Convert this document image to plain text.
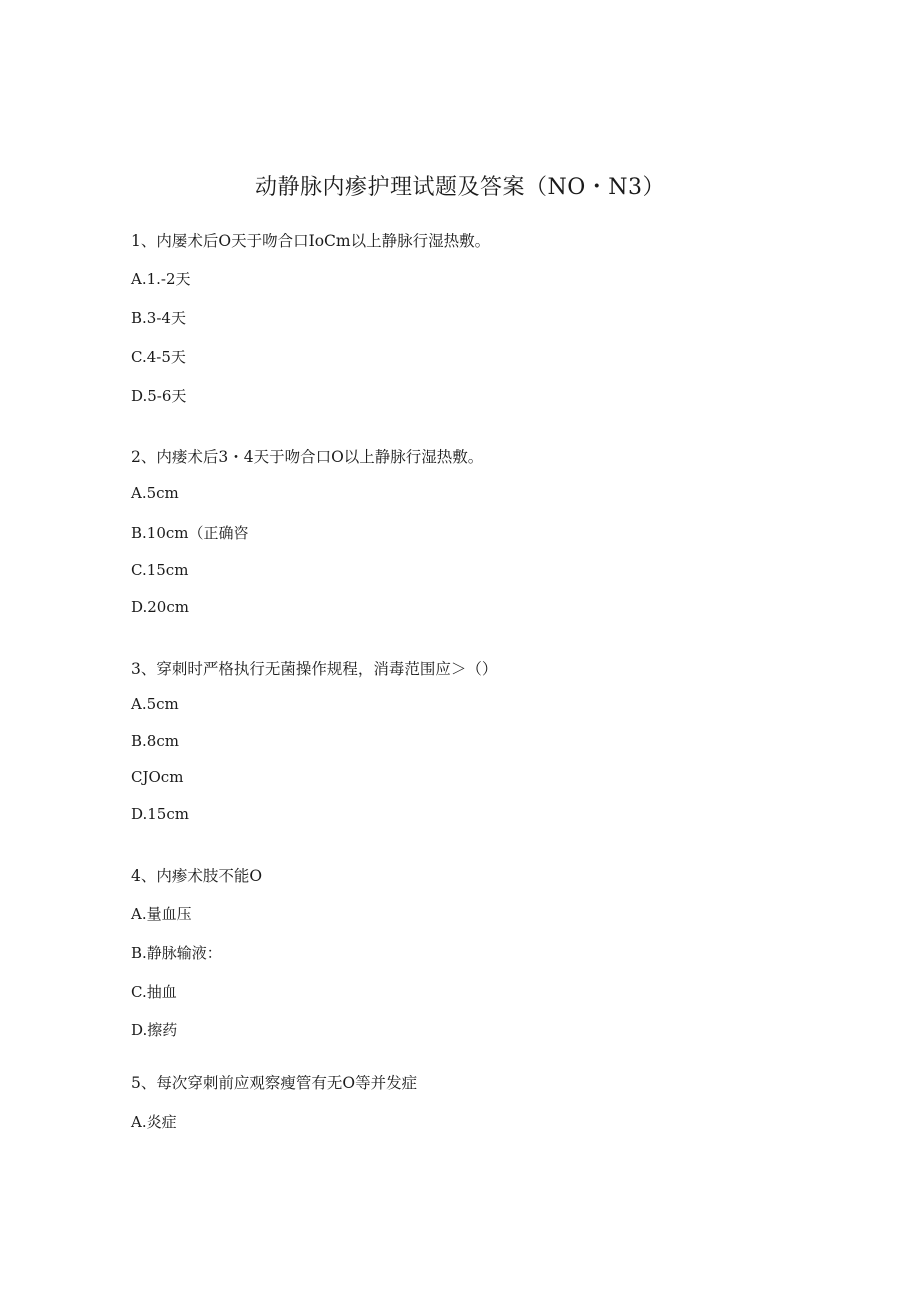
动静脉内瘆护理试题及答案（NO・N3）
1、内屡术后O天于吻合口IoCm以上静脉行湿热敷。
A.1.-2天
B.3-4天
C.4-5天
D.5-6天
2、内瘘术后3・4天于吻合口O以上静脉行湿热敷。
A.5cm
B.10cm（正确咨
C.15cm
D.20cm
3、穿刺时严格执行无菌操作规程，消毒范围应＞（）
A.5cm
B.8cm
CJOcm
D.15cm
4、内瘆术肢不能O
A.量血压
B.静脉输液：
C.抽血
D.擦药
5、每次穿刺前应观察瘦管有无O等并发症
A.炎症
